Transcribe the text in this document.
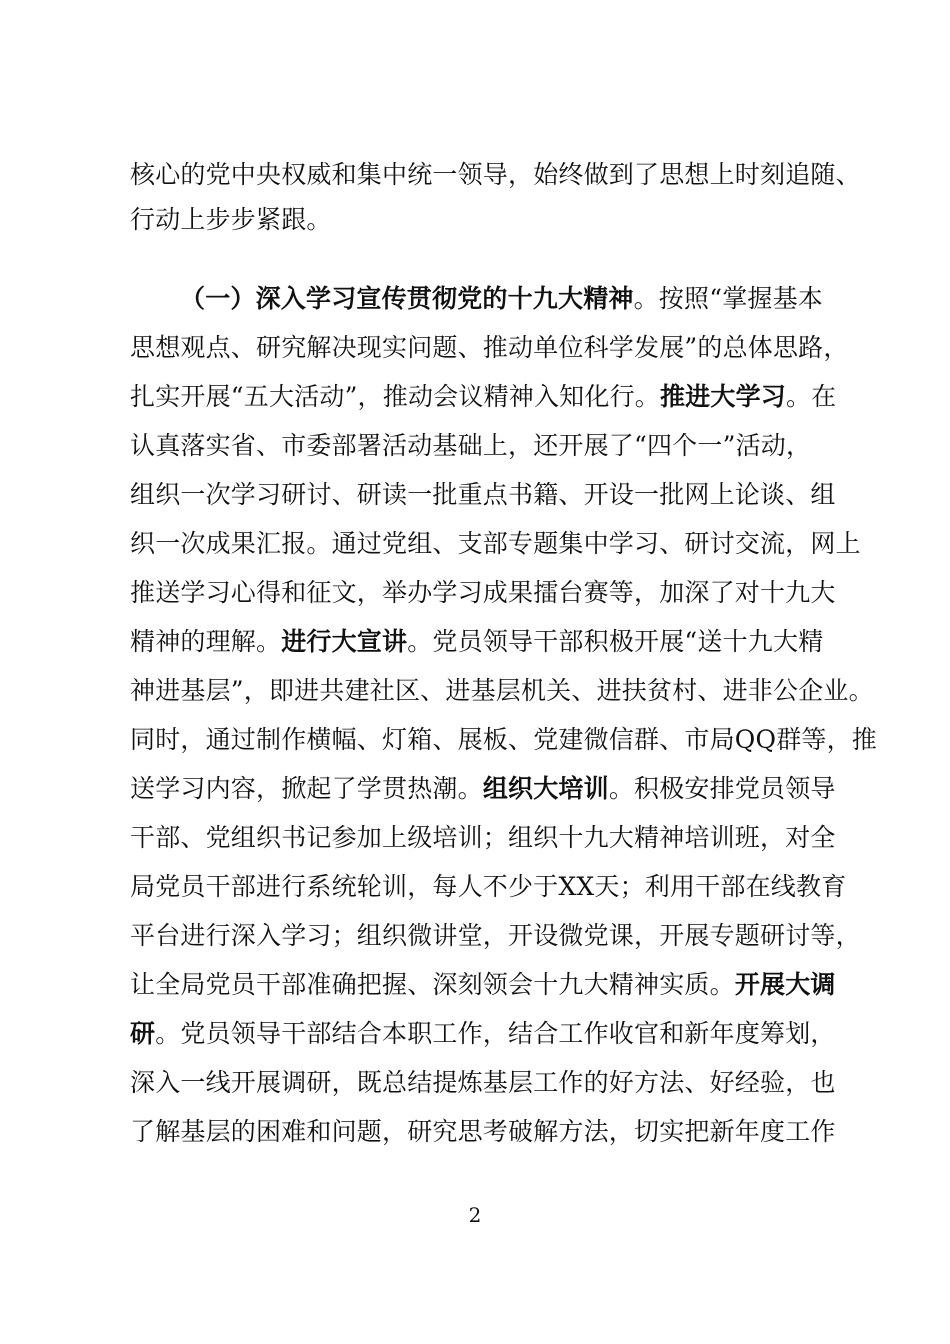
核心的党中央权威和集中统一领导，始终做到了思想上时刻追随、
行动上步步紧跟。
（一）深入学习宣传贯彻党的十九大精神。按照“掌握基本
思想观点、研究解决现实问题、推动单位科学发展”的总体思路，
扎实开展“五大活动”，推动会议精神入知化行。推进大学习。在
认真落实省、市委部署活动基础上，还开展了“四个一”活动，
组织一次学习研讨、研读一批重点书籍、开设一批网上论谈、组
织一次成果汇报。通过党组、支部专题集中学习、研讨交流，网上
推送学习心得和征文，举办学习成果擂台赛等，加深了对十九大
精神的理解。进行大宣讲。党员领导干部积极开展“送十九大精
神进基层”，即进共建社区、进基层机关、进扶贫村、进非公企业。
同时，通过制作横幅、灯箱、展板、党建微信群、市局QQ群等，推
送学习内容，掀起了学贯热潮。组织大培训。积极安排党员领导
干部、党组织书记参加上级培训；组织十九大精神培训班，对全
局党员干部进行系统轮训，每人不少于XX天；利用干部在线教育
平台进行深入学习；组织微讲堂，开设微党课，开展专题研讨等，
让全局党员干部准确把握、深刻领会十九大精神实质。开展大调
研。党员领导干部结合本职工作，结合工作收官和新年度筹划，
深入一线开展调研，既总结提炼基层工作的好方法、好经验，也
了解基层的困难和问题，研究思考破解方法，切实把新年度工作
2
